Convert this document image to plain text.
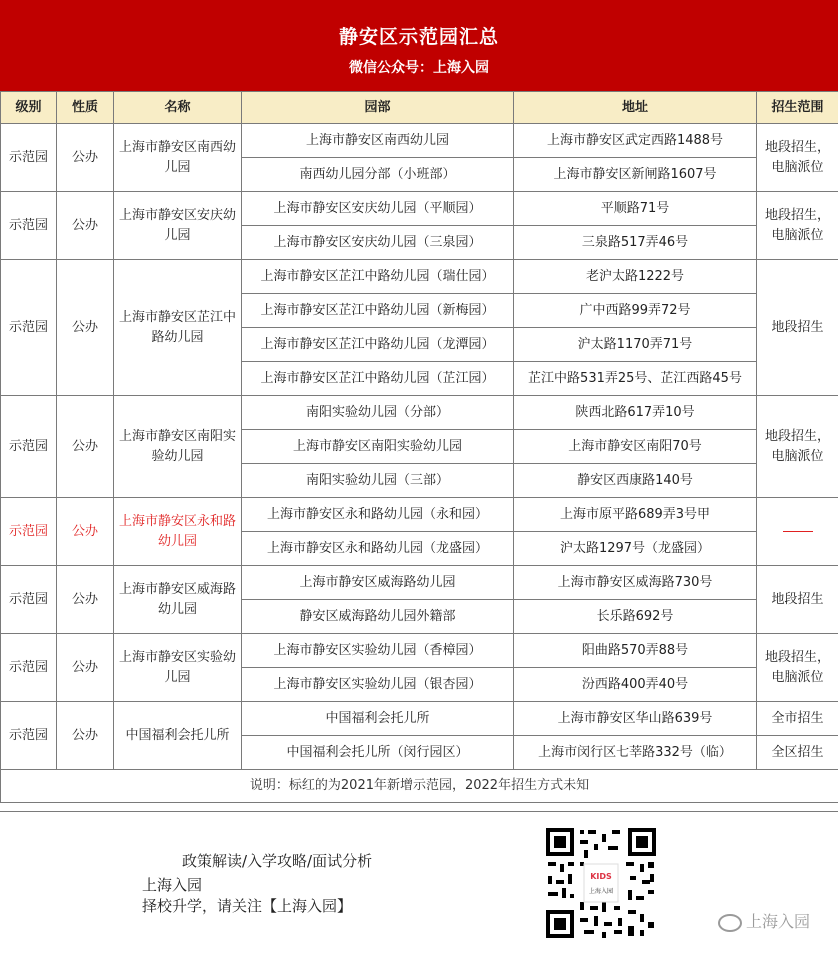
静安区示范园汇总
微信公众号：上海入园
级别	性质	名称	园部	地址	招生范围
示范园	公办	上海市静安区南西幼儿园	上海市静安区南西幼儿园	上海市静安区武定西路1488号	地段招生，电脑派位
			南西幼儿园分部（小班部）	上海市静安区新闸路1607号	
示范园	公办	上海市静安区安庆幼儿园	上海市静安区安庆幼儿园（平顺园）	平顺路71号	地段招生，电脑派位
			上海市静安区安庆幼儿园（三泉园）	三泉路517弄46号	
示范园	公办	上海市静安区芷江中路幼儿园	上海市静安区芷江中路幼儿园（瑞仕园）	老沪太路1222号	地段招生
			上海市静安区芷江中路幼儿园（新梅园）	广中西路99弄72号	
			上海市静安区芷江中路幼儿园（龙潭园）	沪太路1170弄71号	
			上海市静安区芷江中路幼儿园（芷江园）	芷江中路531弄25号、芷江西路45号	
示范园	公办	上海市静安区南阳实验幼儿园	南阳实验幼儿园（分部）	陕西北路617弄10号	地段招生，电脑派位
			上海市静安区南阳实验幼儿园	上海市静安区南阳70号	
			南阳实验幼儿园（三部）	静安区西康路140号	
示范园	公办	上海市静安区永和路幼儿园	上海市静安区永和路幼儿园（永和园）	上海市原平路689弄3号甲	
			上海市静安区永和路幼儿园（龙盛园）	沪太路1297号（龙盛园）	
示范园	公办	上海市静安区威海路幼儿园	上海市静安区威海路幼儿园	上海市静安区威海路730号	地段招生
			静安区威海路幼儿园外籍部	长乐路692号	
示范园	公办	上海市静安区实验幼儿园	上海市静安区实验幼儿园（香樟园）	阳曲路570弄88号	地段招生，电脑派位
			上海市静安区实验幼儿园（银杏园）	汾西路400弄40号	
示范园	公办	中国福利会托儿所	中国福利会托儿所	上海市静安区华山路639号	全市招生
			中国福利会托儿所（闵行园区）	上海市闵行区七莘路332号（临）	全区招生
说明：标红的为2021年新增示范园，2022年招生方式未知					
政策解读/入学攻略/面试分析
上海入园
择校升学，请关注【上海入园】
KIDS
上海入园
上海入园
